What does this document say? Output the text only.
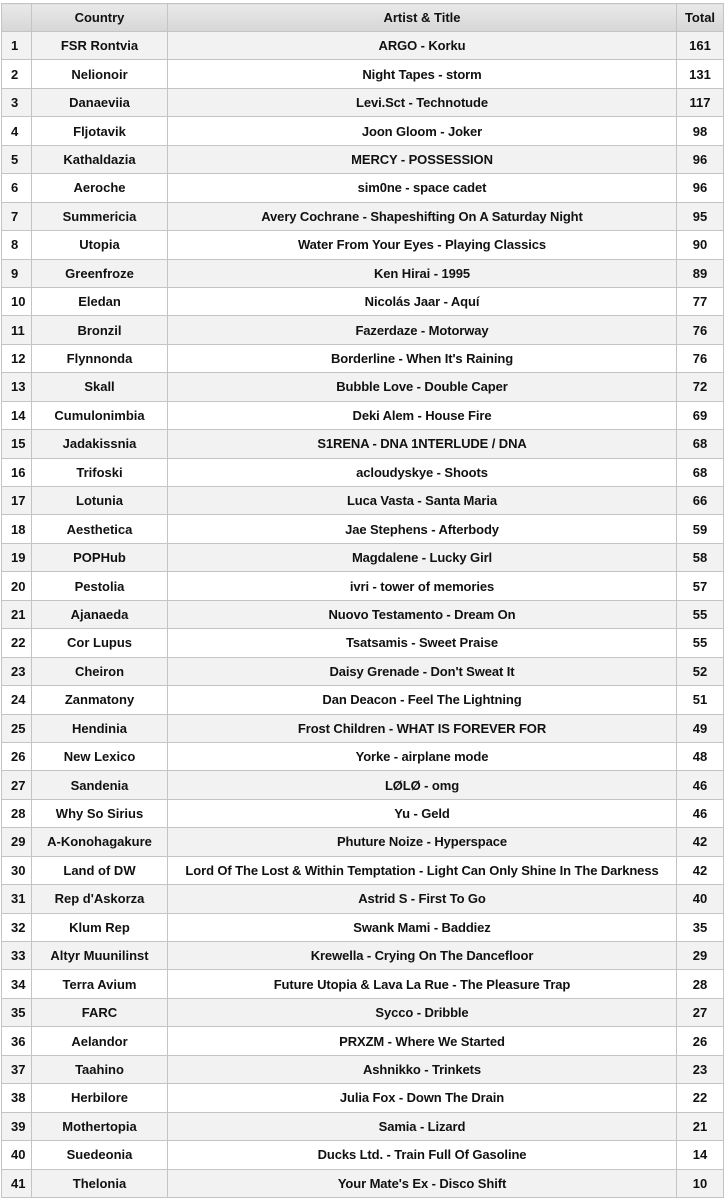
	Country	Artist & Title	Total
1	FSR Rontvia	ARGO - Korku	161
2	Nelionoir	Night Tapes - storm	131
3	Danaeviia	Levi.Sct - Technotude	117
4	Fljotavik	Joon Gloom - Joker	98
5	Kathaldazia	MERCY - POSSESSION	96
6	Aeroche	sim0ne - space cadet	96
7	Summericia	Avery Cochrane - Shapeshifting On A Saturday Night	95
8	Utopia	Water From Your Eyes - Playing Classics	90
9	Greenfroze	Ken Hirai - 1995	89
10	Eledan	Nicolás Jaar - Aquí	77
11	Bronzil	Fazerdaze - Motorway	76
12	Flynnonda	Borderline - When It's Raining	76
13	Skall	Bubble Love - Double Caper	72
14	Cumulonimbia	Deki Alem - House Fire	69
15	Jadakissnia	S1RENA - DNA 1NTERLUDE / DNA	68
16	Trifoski	acloudyskye - Shoots	68
17	Lotunia	Luca Vasta - Santa Maria	66
18	Aesthetica	Jae Stephens - Afterbody	59
19	POPHub	Magdalene - Lucky Girl	58
20	Pestolia	ivri - tower of memories	57
21	Ajanaeda	Nuovo Testamento - Dream On	55
22	Cor Lupus	Tsatsamis - Sweet Praise	55
23	Cheiron	Daisy Grenade - Don't Sweat It	52
24	Zanmatony	Dan Deacon - Feel The Lightning	51
25	Hendinia	Frost Children - WHAT IS FOREVER FOR	49
26	New Lexico	Yorke - airplane mode	48
27	Sandenia	LØLØ - omg	46
28	Why So Sirius	Yu - Geld	46
29	A-Konohagakure	Phuture Noize - Hyperspace	42
30	Land of DW	Lord Of The Lost & Within Temptation - Light Can Only Shine In The Darkness	42
31	Rep d'Askorza	Astrid S - First To Go	40
32	Klum Rep	Swank Mami - Baddiez	35
33	Altyr Muunilinst	Krewella - Crying On The Dancefloor	29
34	Terra Avium	Future Utopia & Lava La Rue - The Pleasure Trap	28
35	FARC	Sycco - Dribble	27
36	Aelandor	PRXZM - Where We Started	26
37	Taahino	Ashnikko - Trinkets	23
38	Herbilore	Julia Fox - Down The Drain	22
39	Mothertopia	Samia - Lizard	21
40	Suedeonia	Ducks Ltd. - Train Full Of Gasoline	14
41	Thelonia	Your Mate's Ex - Disco Shift	10
